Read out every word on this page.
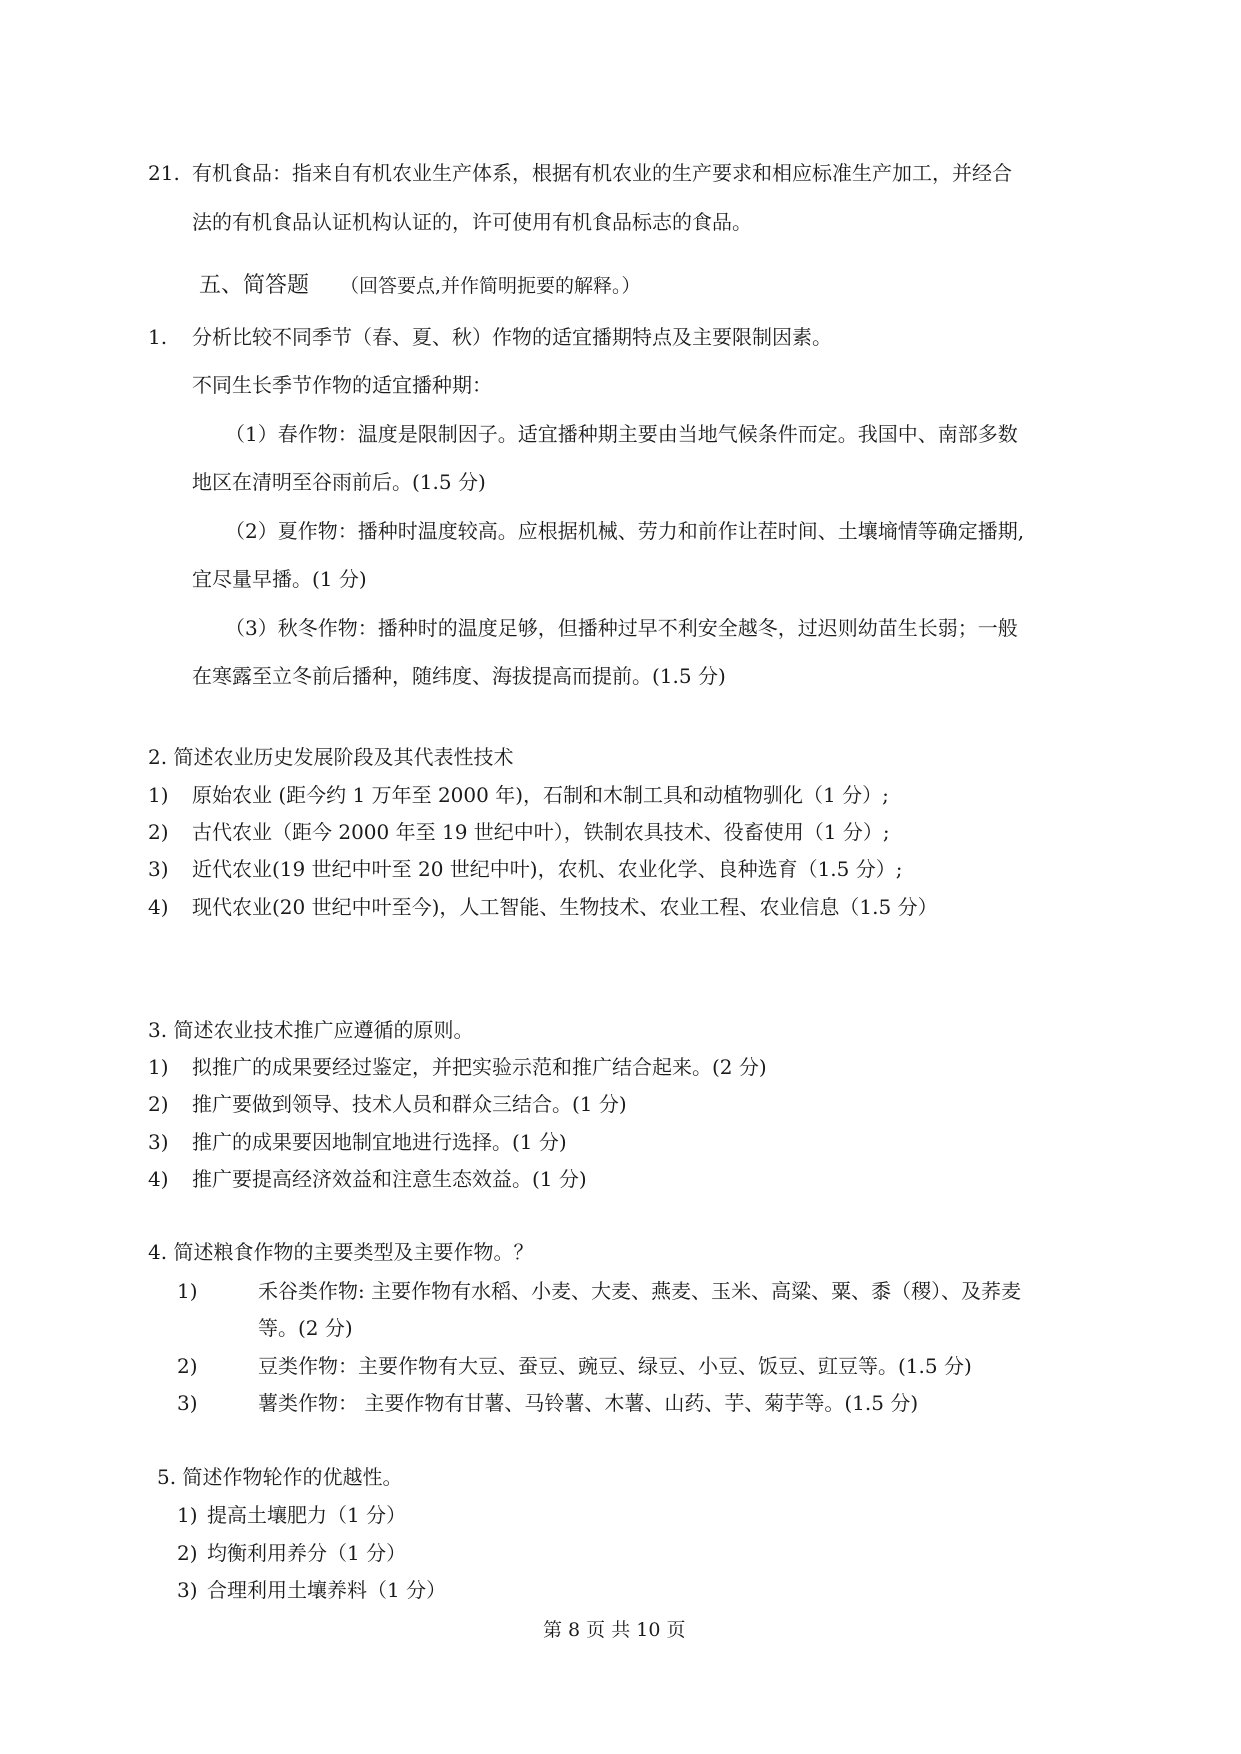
21. 有机食品：指来自有机农业生产体系，根据有机农业的生产要求和相应标准生产加工，并经合
法的有机食品认证机构认证的，许可使用有机食品标志的食品。
五、简答题 （回答要点,并作简明扼要的解释。）
1. 分析比较不同季节（春、夏、秋）作物的适宜播期特点及主要限制因素。
不同生长季节作物的适宜播种期：
（1）春作物：温度是限制因子。适宜播种期主要由当地气候条件而定。我国中、南部多数
地区在清明至谷雨前后。(1.5 分)
（2）夏作物：播种时温度较高。应根据机械、劳力和前作让茬时间、土壤墒情等确定播期,
宜尽量早播。(1 分)
（3）秋冬作物：播种时的温度足够，但播种过早不利安全越冬，过迟则幼苗生长弱；一般
在寒露至立冬前后播种，随纬度、海拔提高而提前。(1.5 分)
2. 简述农业历史发展阶段及其代表性技术
1) 原始农业 (距今约 1 万年至 2000 年)，石制和木制工具和动植物驯化（1 分）;
2) 古代农业（距今 2000 年至 19 世纪中叶），铁制农具技术、役畜使用（1 分）;
3) 近代农业(19 世纪中叶至 20 世纪中叶)，农机、农业化学、良种选育（1.5 分）;
4) 现代农业(20 世纪中叶至今)，人工智能、生物技术、农业工程、农业信息（1.5 分）
3. 简述农业技术推广应遵循的原则。
1) 拟推广的成果要经过鉴定，并把实验示范和推广结合起来。(2 分)
2) 推广要做到领导、技术人员和群众三结合。(1 分)
3) 推广的成果要因地制宜地进行选择。(1 分)
4) 推广要提高经济效益和注意生态效益。(1 分)
4. 简述粮食作物的主要类型及主要作物。？
1)	禾谷类作物: 主要作物有水稻、小麦、大麦、燕麦、玉米、高粱、粟、黍（稷）、及荞麦
等。(2 分)
2)	豆类作物：主要作物有大豆、蚕豆、豌豆、绿豆、小豆、饭豆、豇豆等。(1.5 分)
3)	薯类作物： 主要作物有甘薯、马铃薯、木薯、山药、芋、菊芋等。(1.5 分)
5. 简述作物轮作的优越性。
1) 提高土壤肥力（1 分）
2) 均衡利用养分（1 分）
3) 合理利用土壤养料（1 分）
第 8 页 共 10 页
